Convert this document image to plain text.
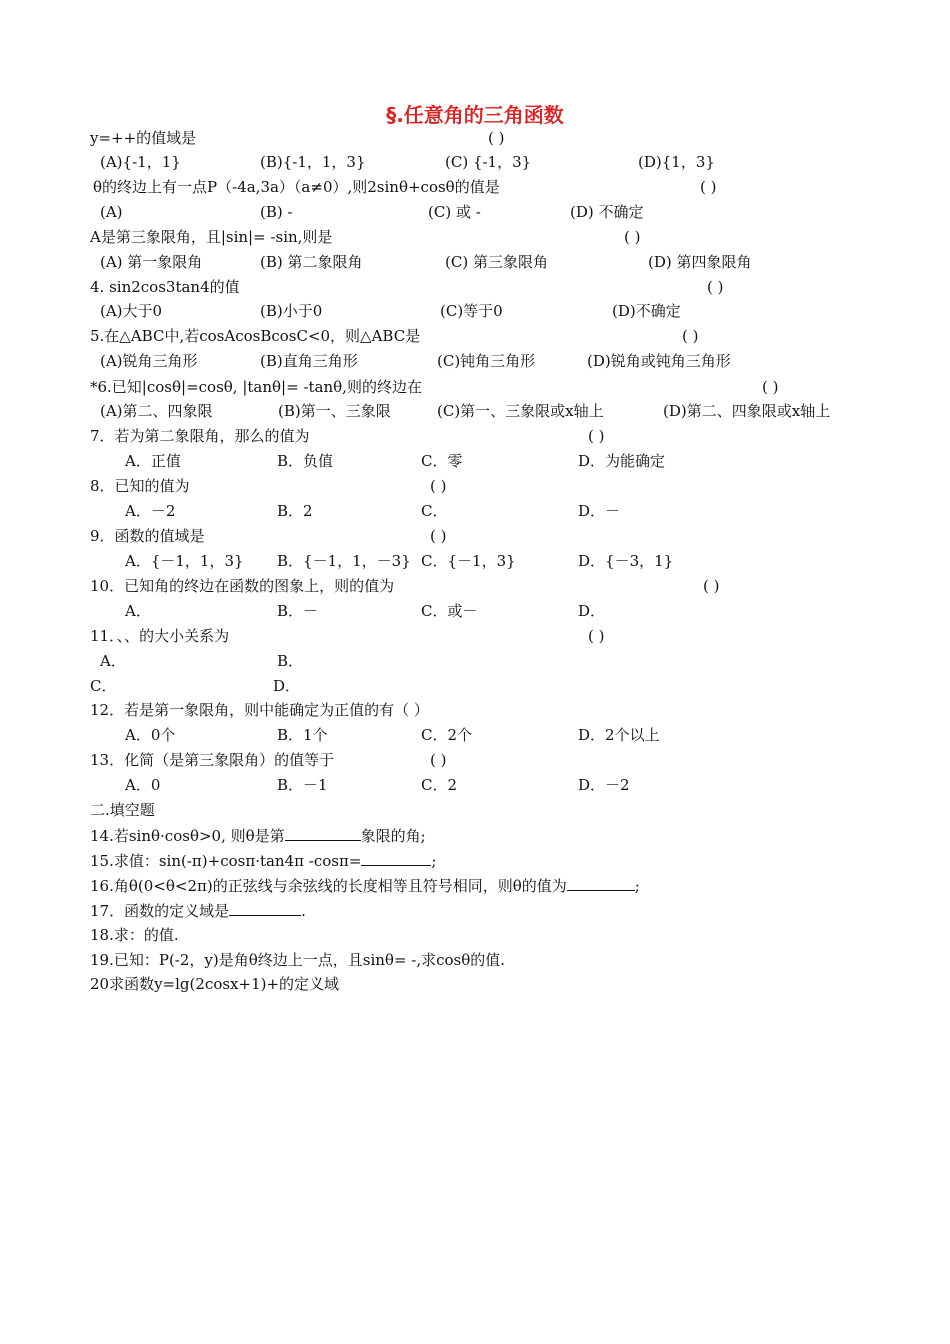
§.任意角的三角函数
y=++的值域是	( )
(A){-1，1}	(B){-1，1，3}	(C) {-1，3}	(D){1，3}
θ的终边上有一点P（-4a,3a）（a≠0）,则2sinθ+cosθ的值是	( )
(A)	(B) -	(C) 或 -	(D) 不确定
A是第三象限角，且|sin|= -sin,则是	( )
(A) 第一象限角	(B) 第二象限角	(C) 第三象限角	(D) 第四象限角
4. sin2cos3tan4的值	( )
(A)大于0	(B)小于0	(C)等于0	(D)不确定
5.在△ABC中,若cosAcosBcosC<0，则△ABC是	( )
(A)锐角三角形	(B)直角三角形	(C)钝角三角形	(D)锐角或钝角三角形
*6.已知|cosθ|=cosθ, |tanθ|= -tanθ,则的终边在	( )
(A)第二、四象限	(B)第一、三象限	(C)第一、三象限或x轴上	(D)第二、四象限或x轴上
7．若为第二象限角，那么的值为	( )
A．正值	B．负值	C．零	D．为能确定
8．已知的值为	( )
A．－2	B．2	C．	D．－
9．函数的值域是	( )
A．{－1，1，3} B．{－1，1，－3} C．{－1，3}	D．{－3，1}
10．已知角的终边在函数的图象上，则的值为	( )
A．	B．－	C．或－	D．
11．、、的大小关系为	( )
A．	B．
C．	D．
12．若是第一象限角，则中能确定为正值的有（ ）
A．0个	B．1个	C．2个	D．2个以上
13．化简（是第三象限角）的值等于	( )
A．0	B．－1	C．2	D．－2
二.填空题
14.若sinθ·cosθ>0, 则θ是第	象限的角;
15.求值：sin(-π)+cosπ·tan4π -cosπ=	;
16.角θ(0<θ<2π)的正弦线与余弦线的长度相等且符号相同，则θ的值为	;
17．函数的定义域是	.
18.求：的值.
19.已知：P(-2，y)是角θ终边上一点，且sinθ= -,求cosθ的值.
20求函数y=lg(2cosx+1)+的定义域
